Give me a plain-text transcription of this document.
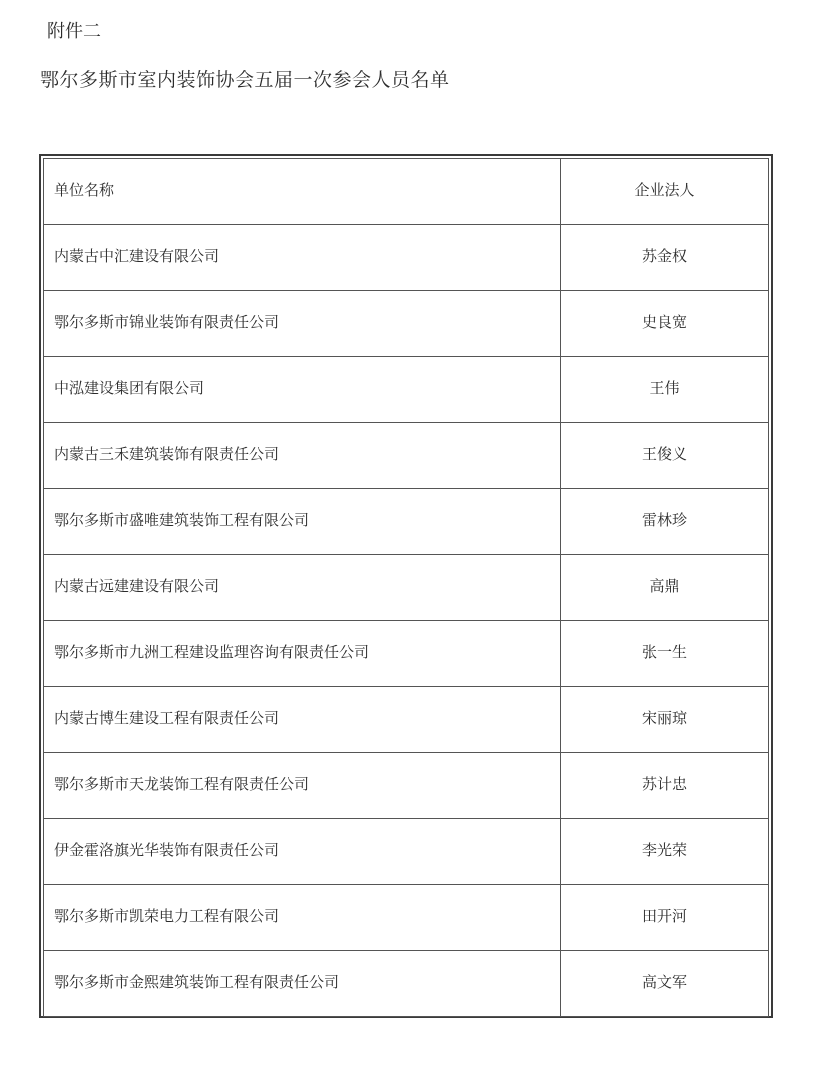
附件二

鄂尔多斯市室内装饰协会五届一次参会人员名单
单位名称	企业法人
内蒙古中汇建设有限公司	苏金权
鄂尔多斯市锦业装饰有限责任公司	史良宽
中泓建设集团有限公司	王伟
内蒙古三禾建筑装饰有限责任公司	王俊义
鄂尔多斯市盛唯建筑装饰工程有限公司	雷林珍
内蒙古远建建设有限公司	高鼎
鄂尔多斯市九洲工程建设监理咨询有限责任公司	张一生
内蒙古博生建设工程有限责任公司	宋丽琼
鄂尔多斯市天龙装饰工程有限责任公司	苏计忠
伊金霍洛旗光华装饰有限责任公司	李光荣
鄂尔多斯市凯荣电力工程有限公司	田开河
鄂尔多斯市金熙建筑装饰工程有限责任公司	高文军
